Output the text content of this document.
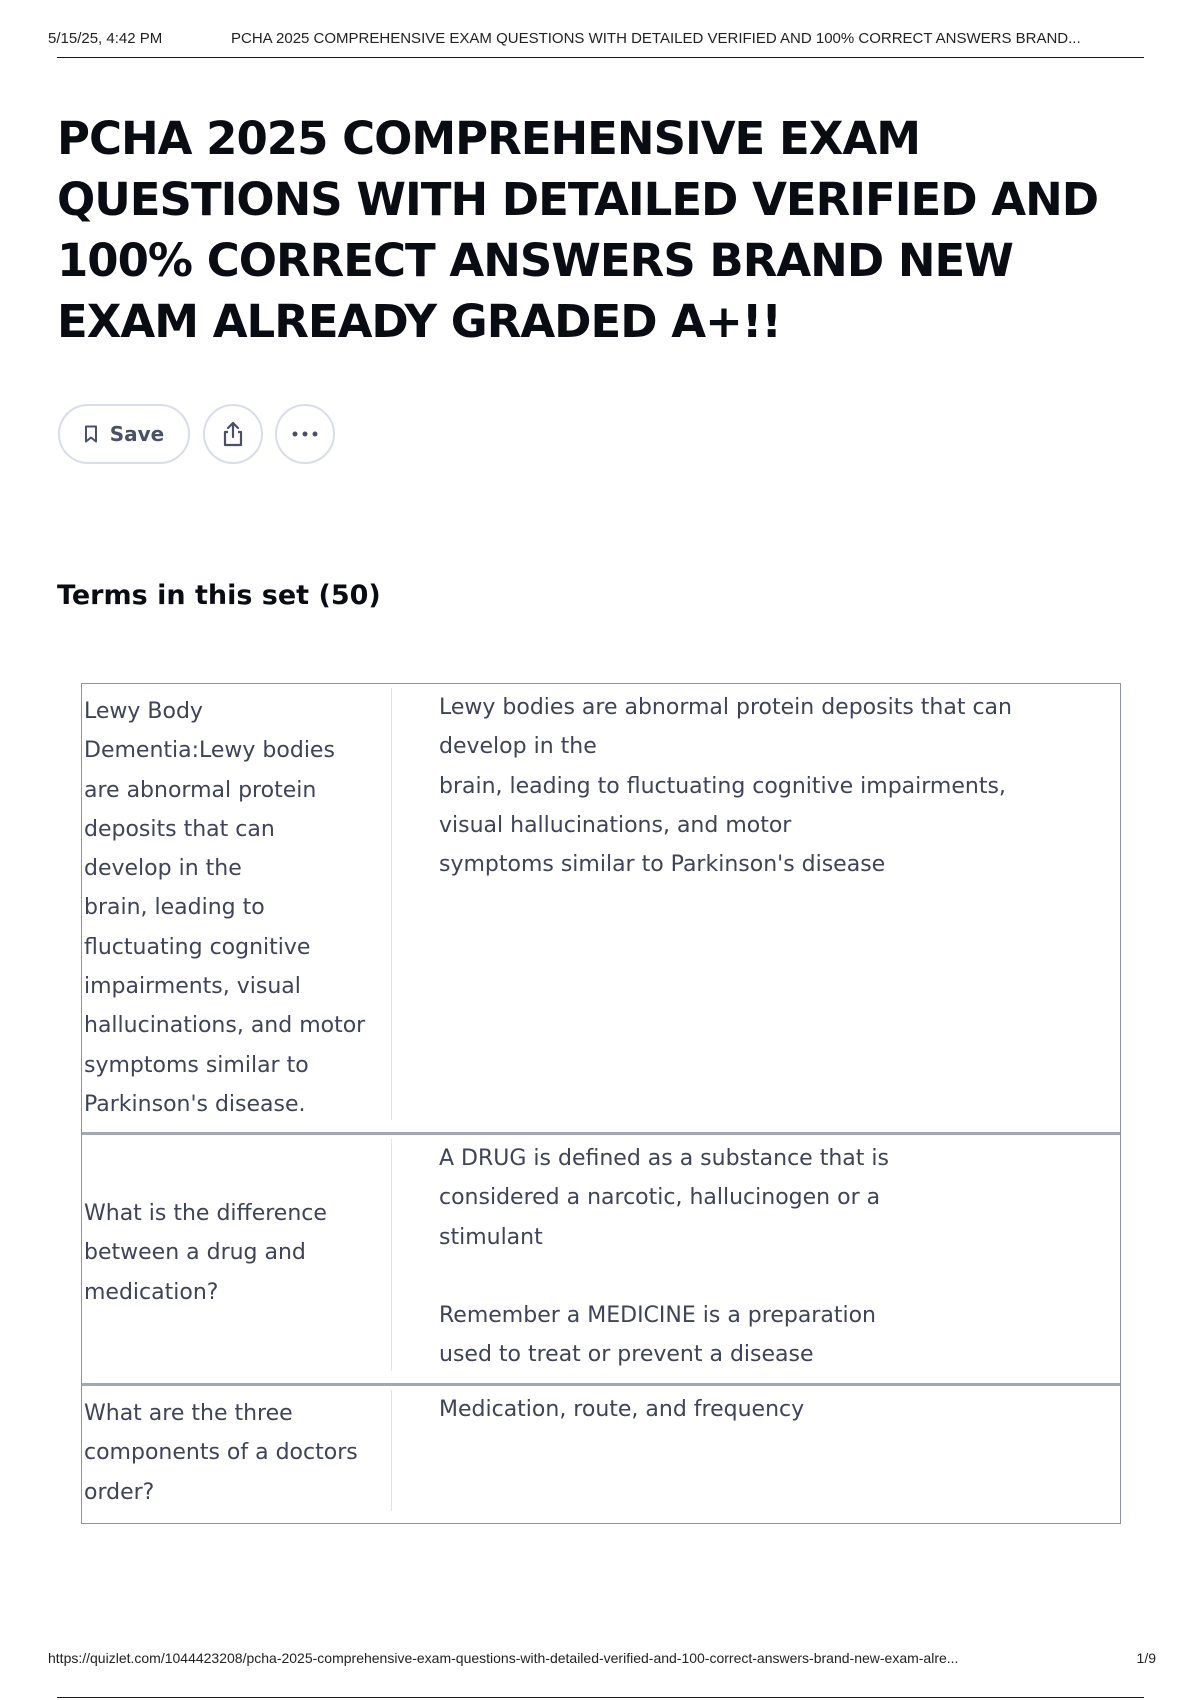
5/15/25, 4:42 PM	PCHA 2025 COMPREHENSIVE EXAM QUESTIONS WITH DETAILED VERIFIED AND 100% CORRECT ANSWERS BRAND...
PCHA 2025 COMPREHENSIVE EXAM QUESTIONS WITH DETAILED VERIFIED AND 100% CORRECT ANSWERS BRAND NEW EXAM ALREADY GRADED A+!!
Save
Terms in this set (50)
Lewy Body
Dementia:Lewy bodies
are abnormal protein
deposits that can
develop in the
brain, leading to
fluctuating cognitive
impairments, visual
hallucinations, and motor
symptoms similar to
Parkinson's disease.
Lewy bodies are abnormal protein deposits that can
develop in the
brain, leading to fluctuating cognitive impairments,
visual hallucinations, and motor
symptoms similar to Parkinson's disease
What is the difference
between a drug and
medication?
A DRUG is defined as a substance that is
considered a narcotic, hallucinogen or a
stimulant

Remember a MEDICINE is a preparation
used to treat or prevent a disease
What are the three
components of a doctors
order?
Medication, route, and frequency
https://quizlet.com/1044423208/pcha-2025-comprehensive-exam-questions-with-detailed-verified-and-100-correct-answers-brand-new-exam-alre...	1/9
